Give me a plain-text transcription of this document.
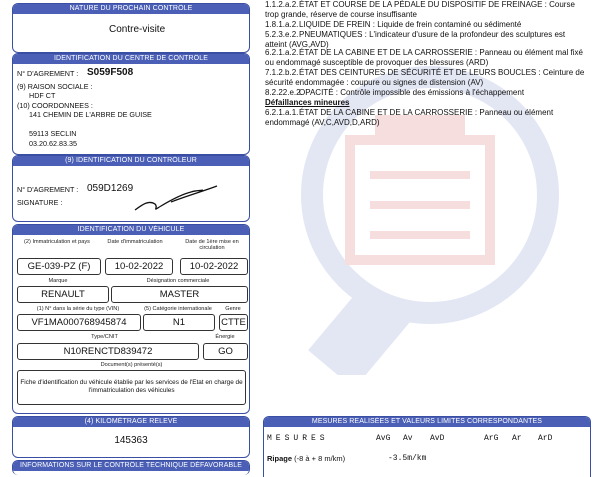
NATURE DU PROCHAIN CONTRÔLE
Contre-visite
IDENTIFICATION DU CENTRE DE CONTRÔLE
N° D'AGREMENT : S059F508
(9) RAISON SOCIALE :
HDF CT
(10) COORDONNEES :
141 CHEMIN DE L'ARBRE DE GUISE
59113 SECLIN
03.20.62.83.35
(9) IDENTIFICATION DU CONTRÔLEUR
N° D'AGREMENT : 059D1269
SIGNATURE :
IDENTIFICATION DU VÉHICULE
(2) Immatriculation et pays	Date d'immatriculation	Date de 1ère mise en circulation
GE-039-PZ (F)	10-02-2022	10-02-2022
Marque	Désignation commerciale
RENAULT	MASTER
(1) N° dans la série du type (VIN)	(5) Catégorie internationale	Genre
VF1MA000768945874	N1	CTTE
Type/CNIT	Énergie
N10RENCTD839472	GO
Document(s) présenté(s)
Fiche d'identification du véhicule établie par les services de l'Etat en charge de l'immatriculation des véhicules
(4) KILOMÉTRAGE RELEVÉ
145363
INFORMATIONS SUR LE CONTRÔLE TECHNIQUE DÉFAVORABLE
1.1.2.a.2.ÉTAT ET COURSE DE LA PÉDALE DU DISPOSITIF DE FREINAGE : Course trop grande, réserve de course insuffisante
1.8.1.a.2.LIQUIDE DE FREIN : Liquide de frein contaminé ou sédimenté
5.2.3.e.2.PNEUMATIQUES : L'indicateur d'usure de la profondeur des sculptures est atteint (AVG,AVD)
6.2.1.a.2.ÉTAT DE LA CABINE ET DE LA CARROSSERIE : Panneau ou élément mal fixé ou endommagé susceptible de provoquer des blessures (ARD)
7.1.2.b.2.ÉTAT DES CEINTURES DE SÉCURITÉ ET DE LEURS BOUCLES : Ceinture de sécurité endommagée : coupure ou signes de distension (AV)
8.2.22.e.2.OPACITÉ : Contrôle impossible des émissions à l'échappement
Défaillances mineures
6.2.1.a.1.ÉTAT DE LA CABINE ET DE LA CARROSSERIE : Panneau ou élément endommagé (AV,C,AVD,D,ARD)
MESURES REALISÉES ET VALEURS LIMITES CORRESPONDANTES
MESURES	AvG Av AvD	ArG Ar ArD
Ripage (-8 à + 8 m/km)	-3.5m/km
